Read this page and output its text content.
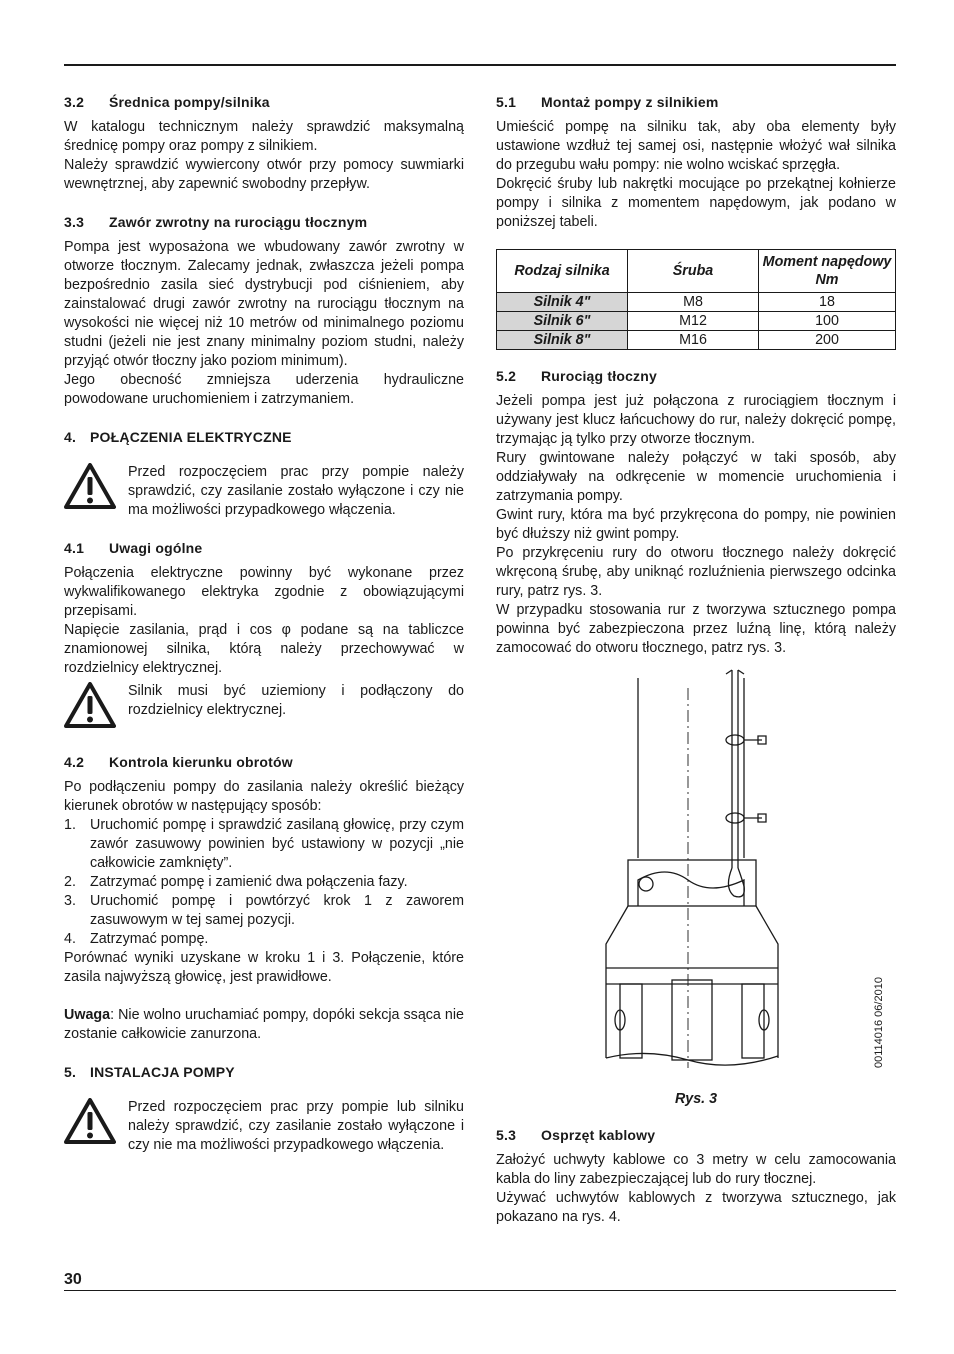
3.2 Średnica pompy/silnika

W katalogu technicznym należy sprawdzić maksymalną średnicę pompy oraz pompy z silnikiem.

Należy sprawdzić wywiercony otwór przy pomocy suwmiarki wewnętrznej, aby zapewnić swobodny przepływ.

3.3 Zawór zwrotny na rurociągu tłocznym

Pompa jest wyposażona we wbudowany zawór zwrotny w otworze tłocznym. Zalecamy jednak, zwłaszcza jeżeli pompa bezpośrednio zasila sieć dystrybucji pod ciśnieniem, aby zainstalować drugi zawór zwrotny na rurociągu tłocznym na wysokości nie więcej niż 10 metrów od minimalnego poziomu studni (jeżeli nie jest znany minimalny poziom studni, należy przyjąć otwór tłoczny jako poziom minimum).

Jego obecność zmniejsza uderzenia hydrauliczne powodowane uruchomieniem i zatrzymaniem.

4. POŁĄCZENIA ELEKTRYCZNE

Przed rozpoczęciem prac przy pompie należy sprawdzić, czy zasilanie zostało wyłączone i czy nie ma możliwości przypadkowego włączenia.

4.1 Uwagi ogólne

Połączenia elektryczne powinny być wykonane przez wykwalifikowanego elektryka zgodnie z obowiązującymi przepisami.

Napięcie zasilania, prąd i cos φ podane są na tabliczce znamionowej silnika, którą należy przechowywać w rozdzielnicy elektrycznej.

Silnik musi być uziemiony i podłączony do rozdzielnicy elektrycznej.

4.2 Kontrola kierunku obrotów

Po podłączeniu pompy do zasilania należy określić bieżący kierunek obrotów w następujący sposób:

1. Uruchomić pompę i sprawdzić zasilaną głowicę, przy czym zawór zasuwowy powinien być ustawiony w pozycji „nie całkowicie zamknięty”.
2. Zatrzymać pompę i zamienić dwa połączenia fazy.
3. Uruchomić pompę i powtórzyć krok 1 z zaworem zasuwowym w tej samej pozycji.
4. Zatrzymać pompę.

Porównać wyniki uzyskane w kroku 1 i 3. Połączenie, które zasila najwyższą głowicę, jest prawidłowe.

Uwaga: Nie wolno uruchamiać pompy, dopóki sekcja ssąca nie zostanie całkowicie zanurzona.

5. INSTALACJA POMPY

Przed rozpoczęciem prac przy pompie lub silniku należy sprawdzić, czy zasilanie zostało wyłączone i czy nie ma możliwości przypadkowego włączenia.

5.1 Montaż pompy z silnikiem

Umieścić pompę na silniku tak, aby oba elementy były ustawione wzdłuż tej samej osi, następnie włożyć wał silnika do przegubu wału pompy: nie wolno wciskać sprzęgła.

Dokręcić śruby lub nakrętki mocujące po przekątnej kołnierze pompy i silnika z momentem napędowym, jak podano w poniższej tabeli.

Rodzaj silnika	Śruba	Moment napędowy Nm
Silnik 4"	M8	18
Silnik 6"	M12	100
Silnik 8"	M16	200
5.2 Rurociąg tłoczny

Jeżeli pompa jest już połączona z rurociągiem tłocznym i używany jest klucz łańcuchowy do rur, należy dokręcić pompę, trzymając ją tylko przy otworze tłocznym.

Rury gwintowane należy połączyć w taki sposób, aby oddziaływały na odkręcenie w momencie uruchomienia i zatrzymania pompy.

Gwint rury, która ma być przykręcona do pompy, nie powinien być dłuższy niż gwint pompy.

Po przykręceniu rury do otworu tłocznego należy dokręcić wkręconą śrubę, aby uniknąć rozluźnienia pierwszego odcinka rury, patrz rys. 3.

W przypadku stosowania rur z tworzywa sztucznego pompa powinna być zabezpieczona przez luźną linę, którą należy zamocować do otworu tłocznego, patrz rys. 3.

00114016 06/2010
Rys. 3
5.3 Osprzęt kablowy

Założyć uchwyty kablowe co 3 metry w celu zamocowania kabla do liny zabezpieczającej lub do rury tłocznej.

Używać uchwytów kablowych z tworzywa sztucznego, jak pokazano na rys. 4.

30
